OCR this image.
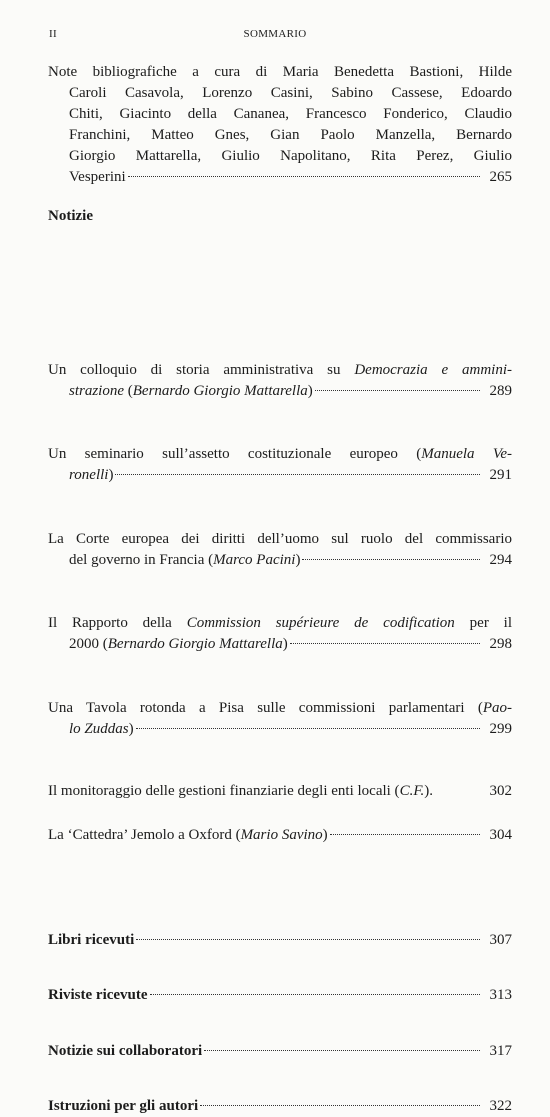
II	SOMMARIO
Note bibliografiche a cura di Maria Benedetta Bastioni, Hilde
Caroli Casavola, Lorenzo Casini, Sabino Cassese, Edoardo
Chiti, Giacinto della Cananea, Francesco Fonderico, Claudio
Franchini, Matteo Gnes, Gian Paolo Manzella, Bernardo
Giorgio Mattarella, Giulio Napolitano, Rita Perez, Giulio
Vesperini	265
Notizie
Un colloquio di storia amministrativa su Democrazia e ammini-
strazione (Bernardo Giorgio Mattarella)	289
Un seminario sull’assetto costituzionale europeo (Manuela Ve-
ronelli)	291
La Corte europea dei diritti dell’uomo sul ruolo del commissario
del governo in Francia (Marco Pacini)	294
Il Rapporto della Commission supérieure de codification per il
2000 (Bernardo Giorgio Mattarella)	298
Una Tavola rotonda a Pisa sulle commissioni parlamentari (Pao-
lo Zuddas)	299
Il monitoraggio delle gestioni finanziarie degli enti locali (C.F.).	302
La ‘Cattedra’ Jemolo a Oxford (Mario Savino)	304
Libri ricevuti	307
Riviste ricevute	313
Notizie sui collaboratori	317
Istruzioni per gli autori	322
